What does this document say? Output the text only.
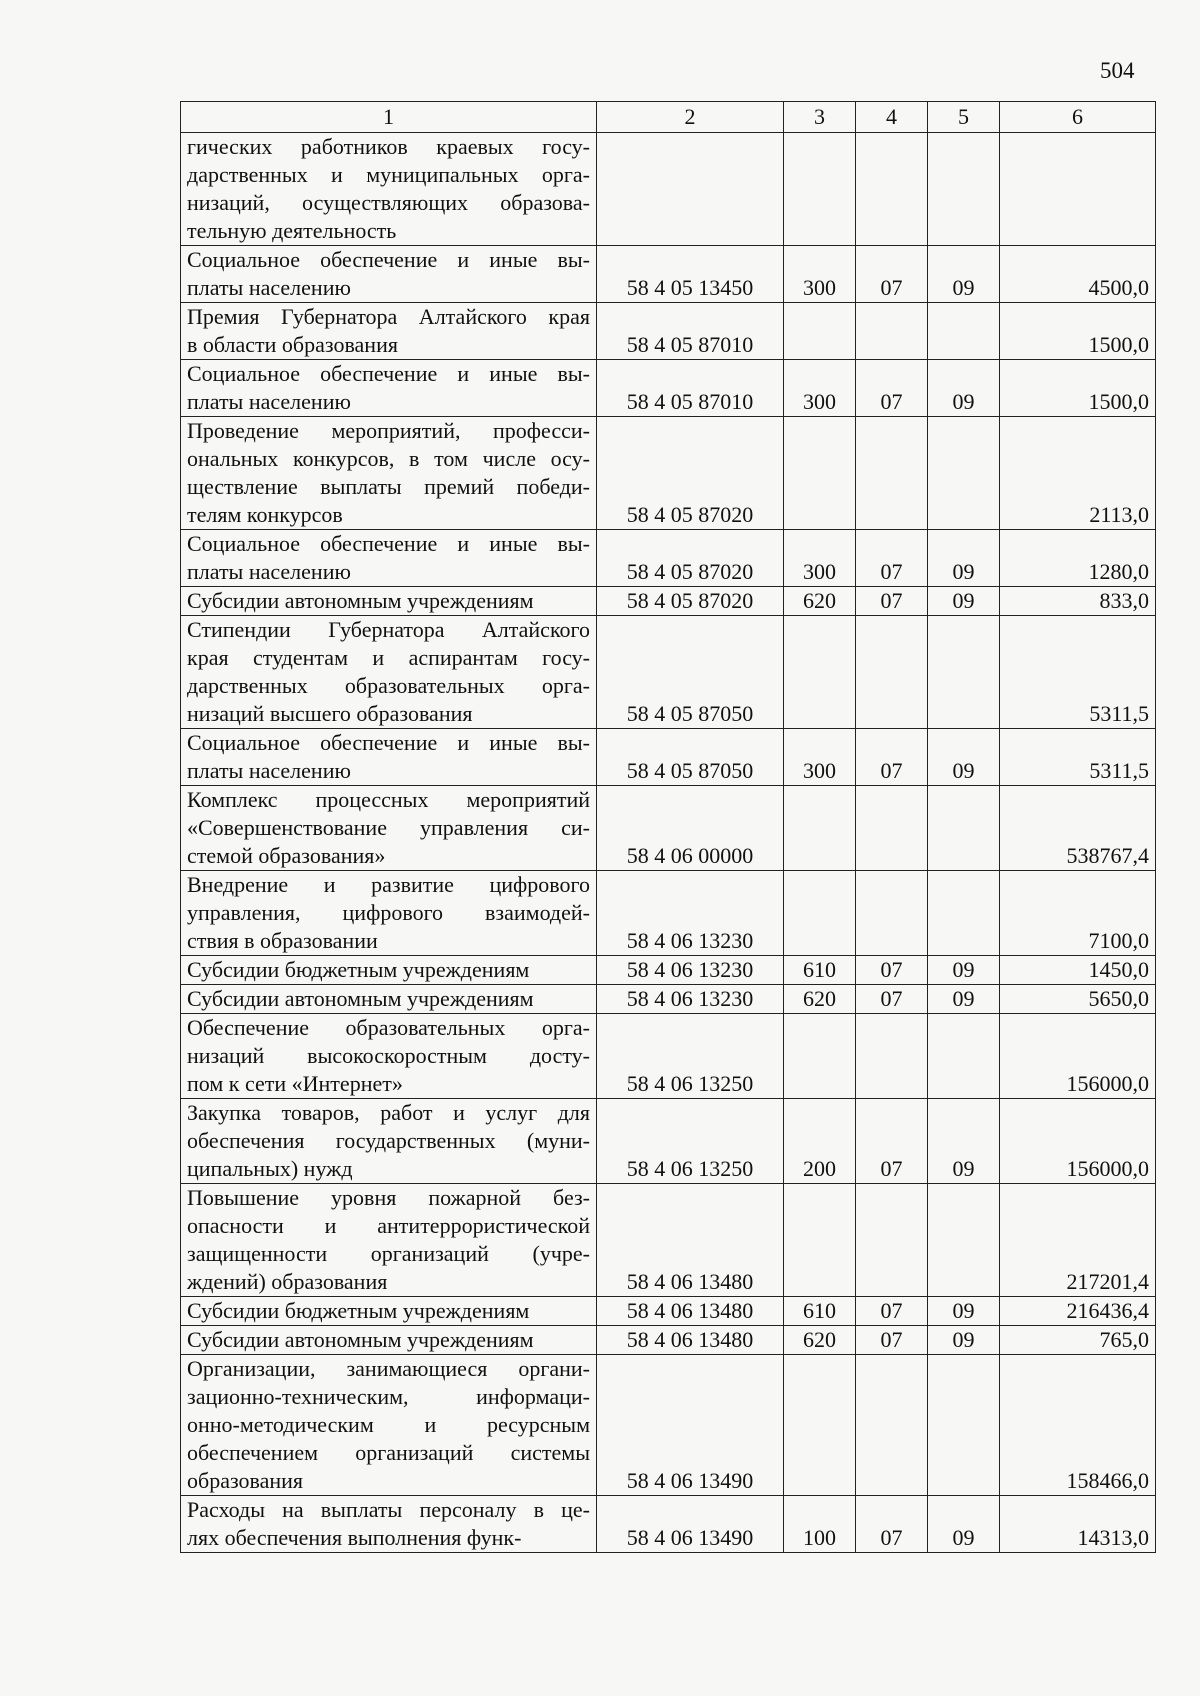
504
1	2	3	4	5	6

гических работников краевых госу-
дарственных и муниципальных орга-
низаций, осуществляющих образова-
тельную деятельность					

Социальное обеспечение и иные вы-
платы населению	58 4 05 13450	300	07	09	4500,0

Премия Губернатора Алтайского края
в области образования	58 4 05 87010				1500,0

Социальное обеспечение и иные вы-
платы населению	58 4 05 87010	300	07	09	1500,0

Проведение мероприятий, професси-
ональных конкурсов, в том числе осу-
ществление выплаты премий победи-
телям конкурсов	58 4 05 87020				2113,0

Социальное обеспечение и иные вы-
платы населению	58 4 05 87020	300	07	09	1280,0

Субсидии автономным учреждениям	58 4 05 87020	620	07	09	833,0

Стипендии Губернатора Алтайского
края студентам и аспирантам госу-
дарственных образовательных орга-
низаций высшего образования	58 4 05 87050				5311,5

Социальное обеспечение и иные вы-
платы населению	58 4 05 87050	300	07	09	5311,5

Комплекс процессных мероприятий
«Совершенствование управления си-
стемой образования»	58 4 06 00000				538767,4

Внедрение и развитие цифрового
управления, цифрового взаимодей-
ствия в образовании	58 4 06 13230				7100,0

Субсидии бюджетным учреждениям	58 4 06 13230	610	07	09	1450,0

Субсидии автономным учреждениям	58 4 06 13230	620	07	09	5650,0

Обеспечение образовательных орга-
низаций высокоскоростным досту-
пом к сети «Интернет»	58 4 06 13250				156000,0

Закупка товаров, работ и услуг для
обеспечения государственных (муни-
ципальных) нужд	58 4 06 13250	200	07	09	156000,0

Повышение уровня пожарной без-
опасности и антитеррористической
защищенности организаций (учре-
ждений) образования	58 4 06 13480				217201,4

Субсидии бюджетным учреждениям	58 4 06 13480	610	07	09	216436,4

Субсидии автономным учреждениям	58 4 06 13480	620	07	09	765,0

Организации, занимающиеся органи-
зационно-техническим, информаци-
онно-методическим и ресурсным
обеспечением организаций системы
образования	58 4 06 13490				158466,0

Расходы на выплаты персоналу в це-
лях обеспечения выполнения функ-	58 4 06 13490	100	07	09	14313,0
